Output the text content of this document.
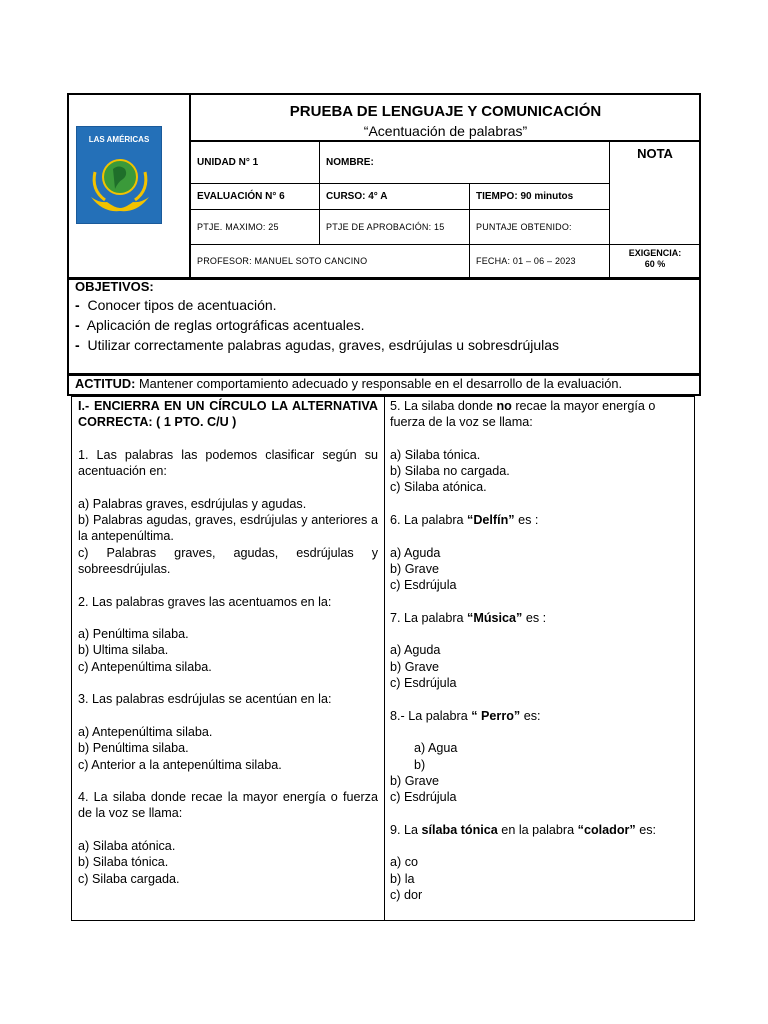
LAS AMÉRICAS
PRUEBA DE LENGUAJE Y COMUNICACIÓN
“Acentuación de palabras”
UNIDAD N° 1	NOMBRE:
NOTA
EVALUACIÓN N° 6	CURSO: 4° A	TIEMPO: 90 minutos
PTJE. MAXIMO: 25	PTJE DE APROBACIÓN: 15	PUNTAJE OBTENIDO:
PROFESOR: MANUEL SOTO CANCINO	FECHA: 01 – 06 – 2023
EXIGENCIA:
60 %
OBJETIVOS:
- Conocer tipos de acentuación.
- Aplicación de reglas ortográficas acentuales.
- Utilizar correctamente palabras agudas, graves, esdrújulas u sobresdrújulas
ACTITUD: Mantener comportamiento adecuado y responsable en el desarrollo de la evaluación.

I.- ENCIERRA EN UN CÍRCULO LA ALTERNATIVA CORRECTA: ( 1 PTO. C/U )

1. Las palabras las podemos clasificar según su acentuación en:

a) Palabras graves, esdrújulas y agudas.

b) Palabras agudas, graves, esdrújulas y anteriores a la antepenúltima.

c) Palabras graves, agudas, esdrújulas y sobreesdrújulas.

2. Las palabras graves las acentuamos en la:

a) Penúltima silaba.

b) Ultima silaba.

c) Antepenúltima silaba.

3. Las palabras esdrújulas se acentúan en la:

a) Antepenúltima silaba.

b) Penúltima silaba.

c) Anterior a la antepenúltima silaba.

4. La silaba donde recae la mayor energía o fuerza de la voz se llama:

a) Silaba atónica.

b) Silaba tónica.

c) Silaba cargada.

5. La silaba donde no recae la mayor energía o fuerza de la voz se llama:

a) Silaba tónica.

b) Silaba no cargada.

c) Silaba atónica.

6. La palabra “Delfín” es :

a) Aguda

b) Grave

c) Esdrújula

7. La palabra “Música” es :

a) Aguda

b) Grave

c) Esdrújula

8.- La palabra “ Perro” es:

a) Agua

b)

b) Grave

c) Esdrújula

9. La sílaba tónica en la palabra “colador” es:

a) co

b) la

c) dor
